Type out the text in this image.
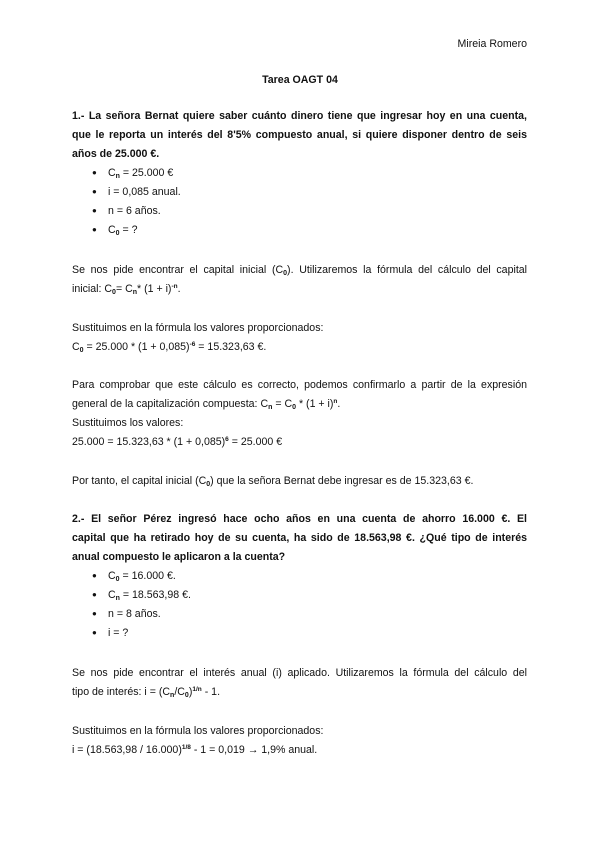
Mireia Romero
Tarea OAGT 04
1.- La señora Bernat quiere saber cuánto dinero tiene que ingresar hoy en una cuenta,
que le reporta un interés del 8'5% compuesto anual, si quiere disponer dentro de seis
años de 25.000 €.
● $C_n = 25.000$ €
● i = 0,085 anual.
● n = 6 años.
● $C_0$ = ?
Se nos pide encontrar el capital inicial $(C_0)$. Utilizaremos la fórmula del cálculo del capital
inicial: $C_0= C_n*$ $(1 + i)^{-n}$.
Sustituimos en la fórmula los valores proporcionados:
$C_0 = 25.000 * (1 + 0,085)^{-6} = 15.323,63$ €.
Para comprobar que este cálculo es correcto, podemos confirmarlo a partir de la expresión
general de la capitalización compuesta: $C_n = C_0 * (1 + i)^n$.
Sustituimos los valores:
$25.000 = 15.323,63 * (1 + 0,085)^6 = 25.000$ €
Por tanto, el capital inicial $(C_0)$ que la señora Bernat debe ingresar es de 15.323,63 €.
2.- El señor Pérez ingresó hace ocho años en una cuenta de ahorro 16.000 €. El
capital que ha retirado hoy de su cuenta, ha sido de 18.563,98 €. ¿Qué tipo de interés
anual compuesto le aplicaron a la cuenta?
● $C_0 = 16.000$ €.
● $C_n = 18.563,98$ €.
● n = 8 años.
● i = ?
Se nos pide encontrar el interés anual (i) aplicado. Utilizaremos la fórmula del cálculo del
tipo de interés: $i = (C_n/C_0)^{1/n} - 1$.
Sustituimos en la fórmula los valores proporcionados:
i = (18.563,98 / 16.000)$^{1/8}$ - 1 = 0,019 → 1,9% anual.
